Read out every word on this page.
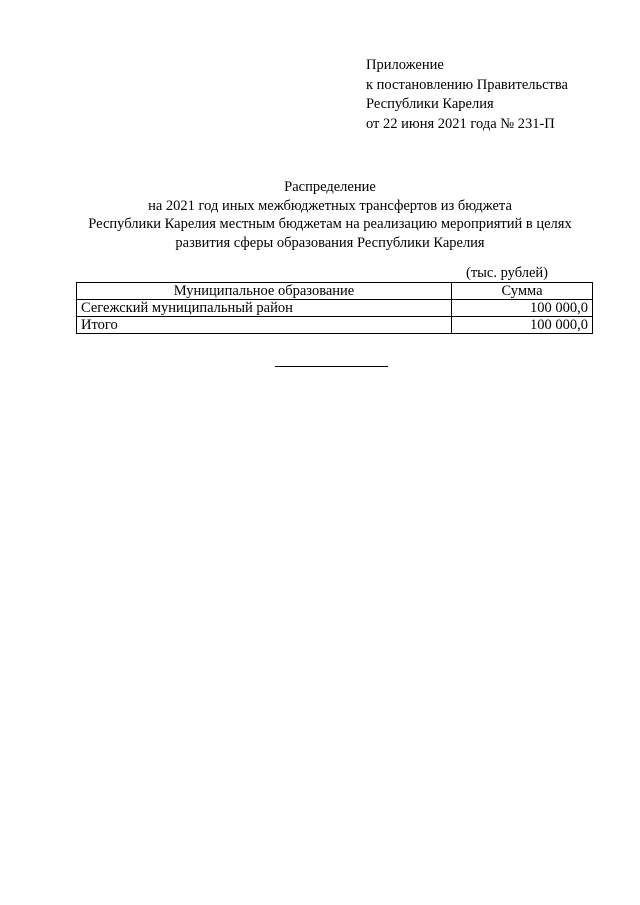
Приложение
к постановлению Правительства
Республики Карелия
от 22 июня 2021 года № 231-П
Распределение
на 2021 год иных межбюджетных трансфертов из бюджета
Республики Карелия местным бюджетам на реализацию мероприятий в целях
развития сферы образования Республики Карелия
(тыс. рублей)
Муниципальное образование	Сумма
Сегежский муниципальный район	100 000,0
Итого	100 000,0
